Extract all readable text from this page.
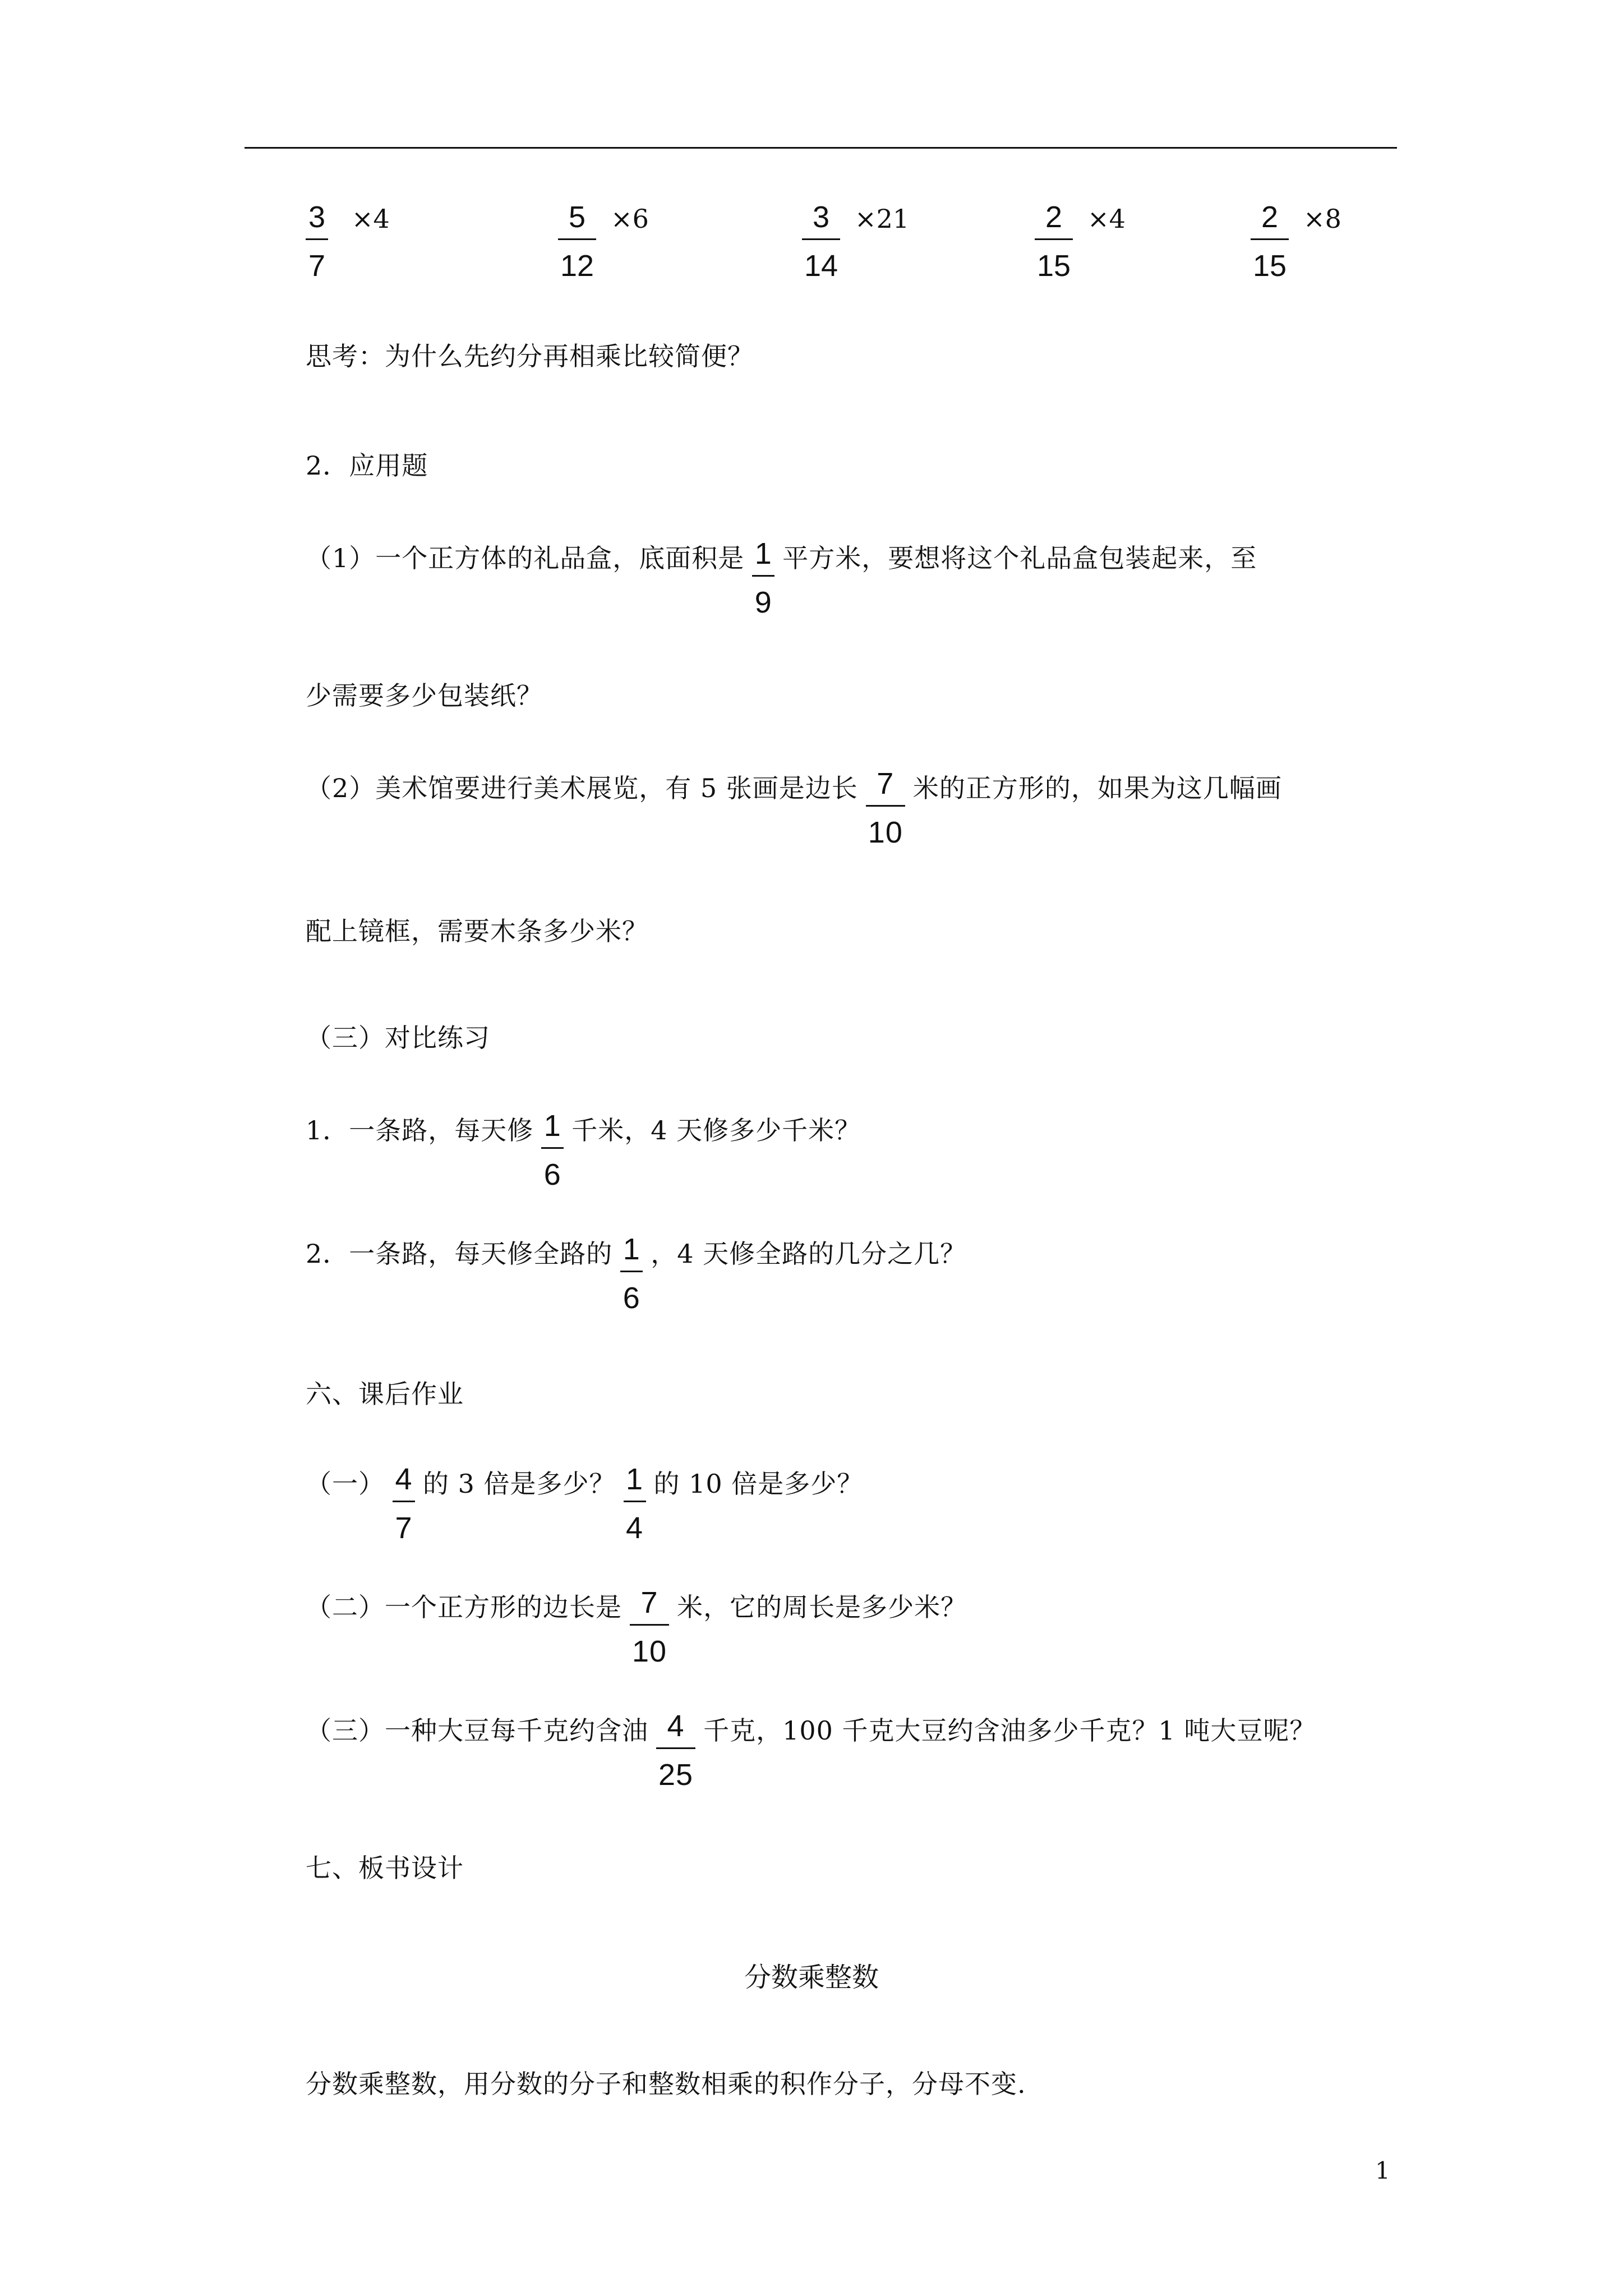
$\frac{3}{7} \times 4$	$\frac{5}{12} \times 6$	$\frac{3}{14} \times 21$	$\frac{2}{15} \times 4$	$\frac{2}{15} \times 8$
思考：为什么先约分再相乘比较简便？
2．应用题
（1）一个正方体的礼品盒，底面积是 $\frac{1}{9}$ 平方米，要想将这个礼品盒包装起来，至
少需要多少包装纸？
（2）美术馆要进行美术展览，有 5 张画是边长 $\frac{7}{10}$ 米的正方形的，如果为这几幅画
配上镜框，需要木条多少米？
（三）对比练习
1．一条路，每天修 $\frac{1}{6}$ 千米，4 天修多少千米？
2．一条路，每天修全路的 $\frac{1}{6}$ ，4 天修全路的几分之几？
六、课后作业
（一） $\frac{4}{7}$ 的 3 倍是多少？ $\frac{1}{4}$ 的 10 倍是多少？
（二）一个正方形的边长是 $\frac{7}{10}$ 米，它的周长是多少米？
（三）一种大豆每千克约含油 $\frac{4}{25}$ 千克，100 千克大豆约含油多少千克？1 吨大豆呢？
七、板书设计
分数乘整数
分数乘整数，用分数的分子和整数相乘的积作分子，分母不变.
1
